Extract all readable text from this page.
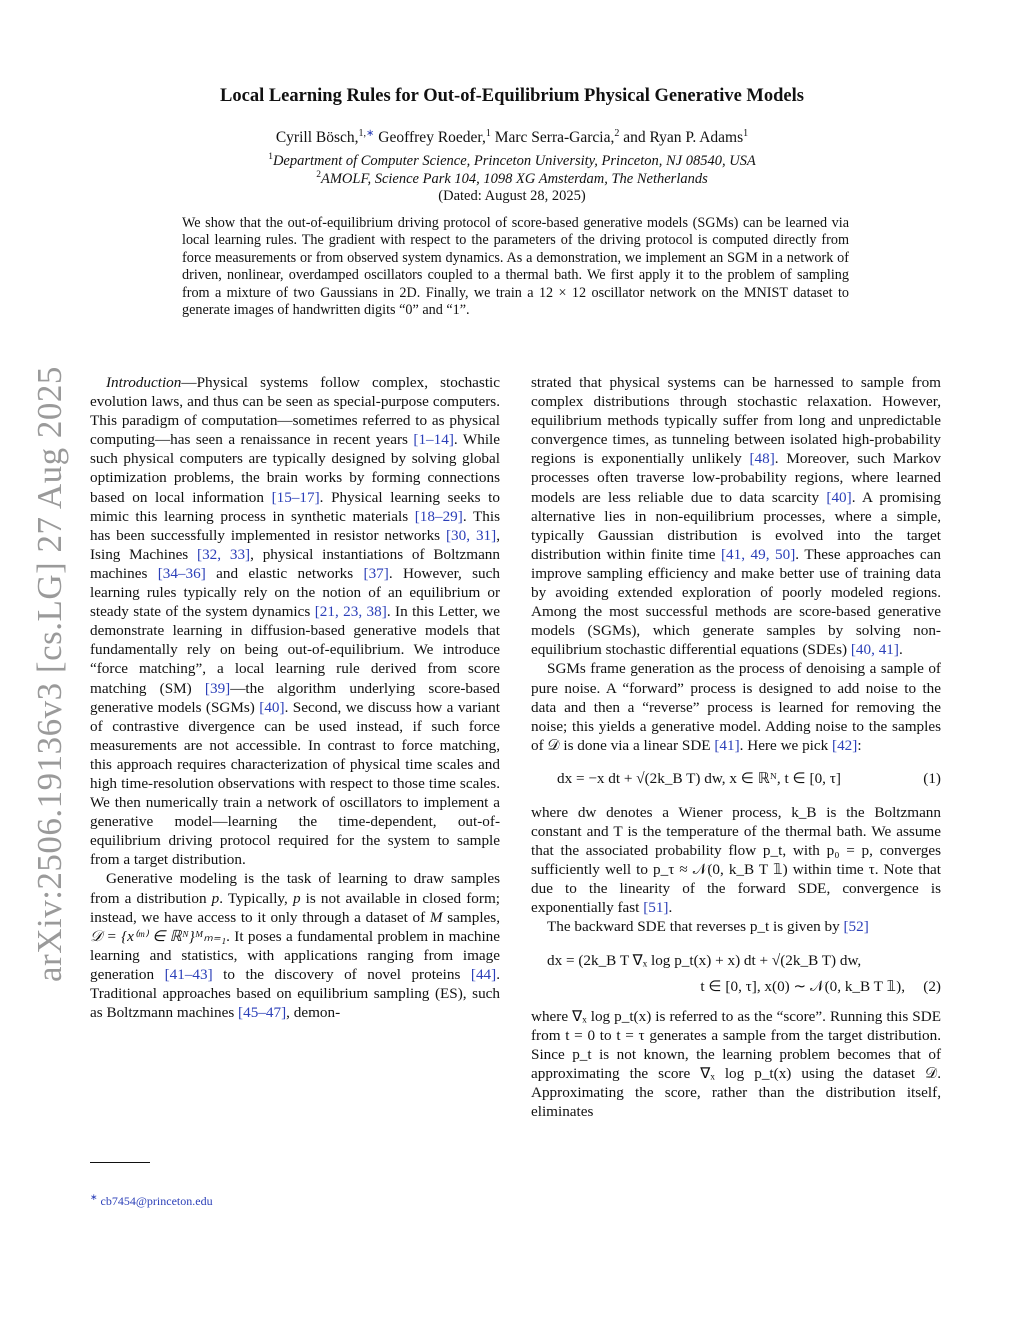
arXiv:2506.19136v3 [cs.LG] 27 Aug 2025
Local Learning Rules for Out-of-Equilibrium Physical Generative Models
Cyrill Bösch,$^{1,∗}$ Geoffrey Roeder,$^1$ Marc Serra-Garcia,$^2$ and Ryan P. Adams$^1$
$^1$Department of Computer Science, Princeton University, Princeton, NJ 08540, USA
$^2$AMOLF, Science Park 104, 1098 XG Amsterdam, The Netherlands
(Dated: August 28, 2025)
We show that the out-of-equilibrium driving protocol of score-based generative models (SGMs) can be learned via local learning rules. The gradient with respect to the parameters of the driving protocol is computed directly from force measurements or from observed system dynamics. As a demonstration, we implement an SGM in a network of driven, nonlinear, overdamped oscillators coupled to a thermal bath. We first apply it to the problem of sampling from a mixture of two Gaussians in 2D. Finally, we train a 12 × 12 oscillator network on the MNIST dataset to generate images of handwritten digits “0” and “1”.

Introduction—Physical systems follow complex, stochastic evolution laws, and thus can be seen as special-purpose computers. This paradigm of computation—sometimes referred to as physical computing—has seen a renaissance in recent years [1–14]. While such physical computers are typically designed by solving global optimization problems, the brain works by forming connections based on local information [15–17]. Physical learning seeks to mimic this learning process in synthetic materials [18–29]. This has been successfully implemented in resistor networks [30, 31], Ising Machines [32, 33], physical instantiations of Boltzmann machines [34–36] and elastic networks [37]. However, such learning rules typically rely on the notion of an equilibrium or steady state of the system dynamics [21, 23, 38]. In this Letter, we demonstrate learning in diffusion-based generative models that fundamentally rely on being out-of-equilibrium. We introduce “force matching”, a local learning rule derived from score matching (SM) [39]—the algorithm underlying score-based generative models (SGMs) [40]. Second, we discuss how a variant of contrastive divergence can be used instead, if such force measurements are not accessible. In contrast to force matching, this approach requires characterization of physical time scales and high time-resolution observations with respect to those time scales. We then numerically train a network of oscillators to implement a generative model—learning the time-dependent, out-of-equilibrium driving protocol required for the system to sample from a target distribution.

Generative modeling is the task of learning to draw samples from a distribution p. Typically, p is not available in closed form; instead, we have access to it only through a dataset of M samples, 𝒟 = {x⁽ᵐ⁾ ∈ ℝᴺ}ᴹₘ₌₁. It poses a fundamental problem in machine learning and statistics, with applications ranging from image generation [41–43] to the discovery of novel proteins [44]. Traditional approaches based on equilibrium sampling (ES), such as Boltzmann machines [45–47], demon-

strated that physical systems can be harnessed to sample from complex distributions through stochastic relaxation. However, equilibrium methods typically suffer from long and unpredictable convergence times, as tunneling between isolated high-probability regions is exponentially unlikely [48]. Moreover, such Markov processes often traverse low-probability regions, where learned models are less reliable due to data scarcity [40]. A promising alternative lies in non-equilibrium processes, where a simple, typically Gaussian distribution is evolved into the target distribution within finite time [41, 49, 50]. These approaches can improve sampling efficiency and make better use of training data by avoiding extended exploration of poorly modeled regions. Among the most successful methods are score-based generative models (SGMs), which generate samples by solving non-equilibrium stochastic differential equations (SDEs) [40, 41].

SGMs frame generation as the process of denoising a sample of pure noise. A “forward” process is designed to add noise to the data and then a “reverse” process is learned for removing the noise; this yields a generative model. Adding noise to the samples of 𝒟 is done via a linear SDE [41]. Here we pick [42]:

dx = −x dt + √(2k_B T) dw, x ∈ ℝᴺ, t ∈ [0, τ]	(1)

where dw denotes a Wiener process, k_B is the Boltzmann constant and T is the temperature of the thermal bath. We assume that the associated probability flow p_t, with p₀ = p, converges sufficiently well to p_τ ≈ 𝒩(0, k_B T 𝟙) within time τ. Note that due to the linearity of the forward SDE, convergence is exponentially fast [51].

The backward SDE that reverses p_t is given by [52]

dx = (2k_B T ∇ₓ log p_t(x) + x) dt + √(2k_B T) dw,
t ∈ [0, τ], x(0) ∼ 𝒩(0, k_B T 𝟙), (2)

where ∇ₓ log p_t(x) is referred to as the “score”. Running this SDE from t = 0 to t = τ generates a sample from the target distribution. Since p_t is not known, the learning problem becomes that of approximating the score ∇ₓ log p_t(x) using the dataset 𝒟. Approximating the score, rather than the distribution itself, eliminates

∗ cb7454@princeton.edu
